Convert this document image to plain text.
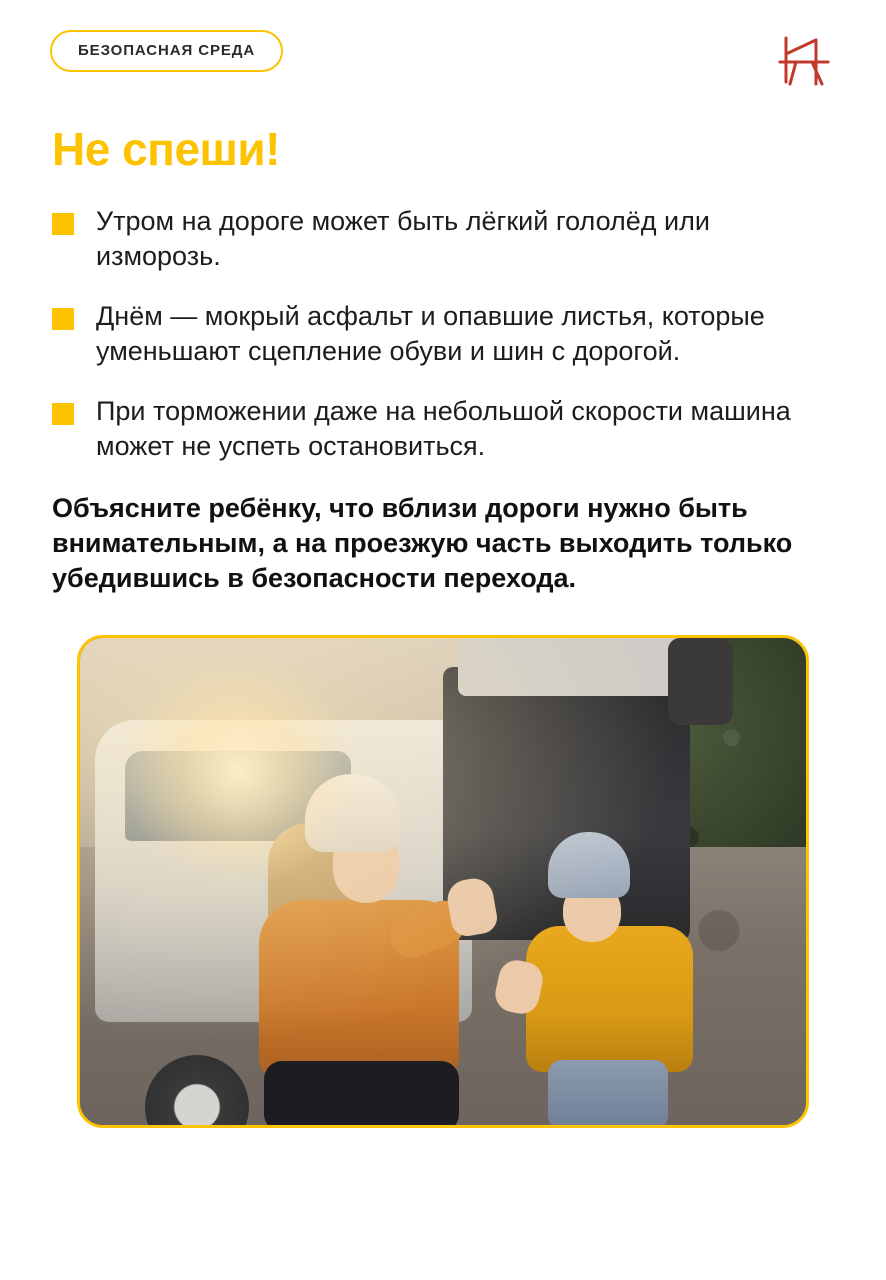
БЕЗОПАСНАЯ СРЕДА
Не спеши!
Утром на дороге может быть лёгкий гололёд или изморозь.
Днём — мокрый асфальт и опавшие листья, которые уменьшают сцепление обуви и шин с дорогой.
При торможении даже на небольшой скорости машина может не успеть остановиться.

Объясните ребёнку, что вблизи дороги нужно быть внимательным, а на проезжую часть выходить только убедившись в безопасности перехода.
